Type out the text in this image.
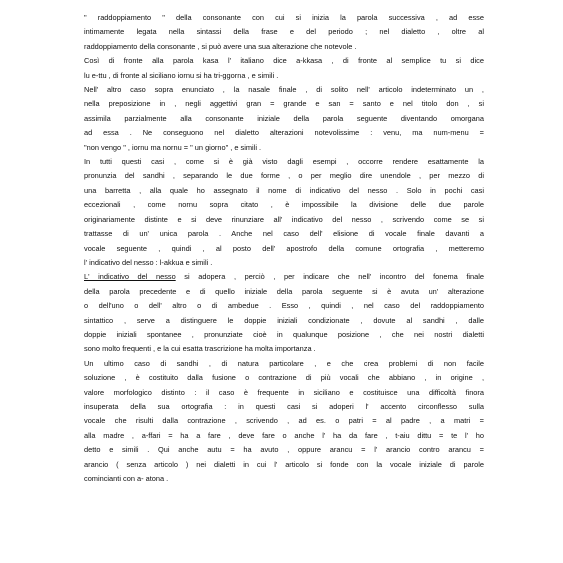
" raddoppiamento " della consonante con cui si inizia la parola successiva , ad esse
intimamente legata nella sintassi della frase e del periodo ; nel dialetto , oltre al
raddoppiamento della consonante , si può avere una sua alterazione che notevole .
Così di fronte alla parola kasa l' italiano dice a-kkasa , di fronte al semplice tu si dice
lu e-ttu , di fronte al siciliano iornu si ha tri-ggorna , e simili .
Nell' altro caso sopra enunciato , la nasale finale , di solito nell' articolo indeterminato un ,
nella preposizione in , negli aggettivi gran = grande e san = santo e nel titolo don , si
assimila parzialmente alla consonante iniziale della parola seguente diventando omorgana
ad essa . Ne conseguono nel dialetto alterazioni notevolissime : venu, ma num-menu =
"non vengo " , iornu ma nornu = " un giorno" , e simili .
In tutti questi casi , come si è già visto dagli esempi , occorre rendere esattamente la
pronunzia del sandhi , separando le due forme , o per meglio dire unendole , per mezzo di
una barretta , alla quale ho assegnato il nome di indicativo del nesso . Solo in pochi casi
eccezionali , come nornu sopra citato , è impossibile la divisione delle due parole
originariamente distinte e si deve rinunziare all' indicativo del nesso , scrivendo come se si
trattasse di un' unica parola . Anche nel caso dell' elisione di vocale finale davanti a
vocale seguente , quindi , al posto dell' apostrofo della comune ortografia , metteremo
l' indicativo del nesso : l-akkua e simili .
L' indicativo del nesso si adopera , perciò , per indicare che nell' incontro del fonema finale
della parola precedente e di quello iniziale della parola seguente si è avuta un' alterazione
o dell'uno o dell' altro o di ambedue . Esso , quindi , nel caso del raddoppiamento
sintattico , serve a distinguere le doppie iniziali condizionate , dovute al sandhi , dalle
doppie iniziali spontanee , pronunziate cioè in qualunque posizione , che nei nostri dialetti
sono molto frequenti , e la cui esatta trascrizione ha molta importanza .
Un ultimo caso di sandhi , di natura particolare , e che crea problemi di non facile
soluzione , è costituito dalla fusione o contrazione di più vocali che abbiano , in origine ,
valore morfologico distinto : il caso è frequente in siciliano e costituisce una difficoltà finora
insuperata della sua ortografia : in questi casi si adoperi l' accento circonflesso sulla
vocale che risulti dalla contrazione , scrivendo , ad es. o patri = al padre , a matri =
alla madre , a-ffari = ha a fare , deve fare o anche l' ha da fare , t-aiu dittu = te l' ho
detto e simili . Qui anche autu = ha avuto , oppure arancu = l' arancio contro arancu =
arancio ( senza articolo ) nei dialetti in cui l' articolo si fonde con la vocale iniziale di parole
comincianti con a- atona .
